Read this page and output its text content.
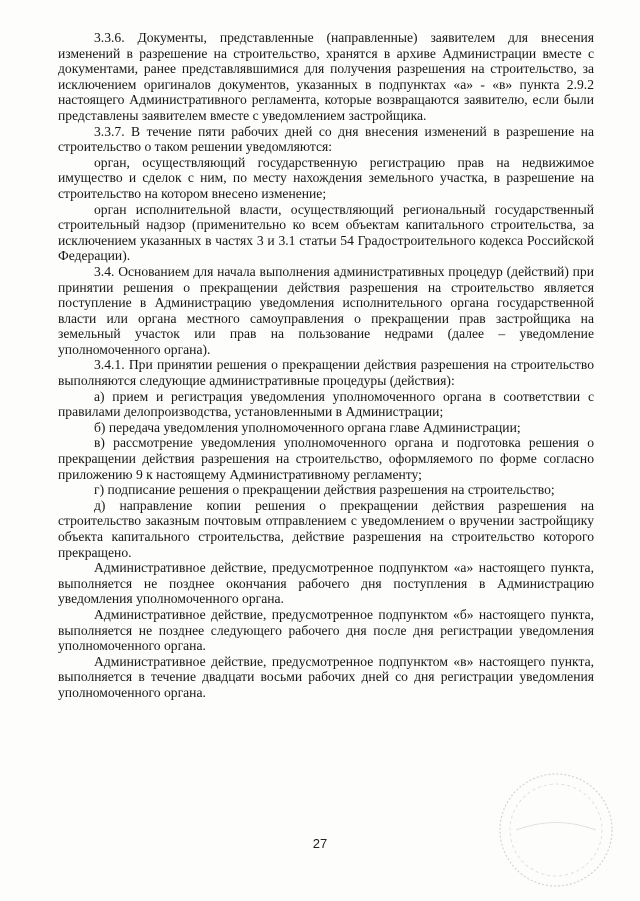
3.3.6. Документы, представленные (направленные) заявителем для внесения изменений в разрешение на строительство, хранятся в архиве Администрации вместе с документами, ранее представлявшимися для получения разрешения на строительство, за исключением оригиналов документов, указанных в подпунктах «а» - «в» пункта 2.9.2 настоящего Административного регламента, которые возвращаются заявителю, если были представлены заявителем вместе с уведомлением застройщика.

3.3.7. В течение пяти рабочих дней со дня внесения изменений в разрешение на строительство о таком решении уведомляются:

орган, осуществляющий государственную регистрацию прав на недвижимое имущество и сделок с ним, по месту нахождения земельного участка, в разрешение на строительство на котором внесено изменение;

орган исполнительной власти, осуществляющий региональный государственный строительный надзор (применительно ко всем объектам капитального строительства, за исключением указанных в частях 3 и 3.1 статьи 54 Градостроительного кодекса Российской Федерации).

3.4. Основанием для начала выполнения административных процедур (действий) при принятии решения о прекращении действия разрешения на строительство является поступление в Администрацию уведомления исполнительного органа государственной власти или органа местного самоуправления о прекращении прав застройщика на земельный участок или прав на пользование недрами (далее – уведомление уполномоченного органа).

3.4.1. При принятии решения о прекращении действия разрешения на строительство выполняются следующие административные процедуры (действия):

а) прием и регистрация уведомления уполномоченного органа в соответствии с правилами делопроизводства, установленными в Администрации;

б) передача уведомления уполномоченного органа главе Администрации;

в) рассмотрение уведомления уполномоченного органа и подготовка решения о прекращении действия разрешения на строительство, оформляемого по форме согласно приложению 9 к настоящему Административному регламенту;

г) подписание решения о прекращении действия разрешения на строительство;

д) направление копии решения о прекращении действия разрешения на строительство заказным почтовым отправлением с уведомлением о вручении застройщику объекта капитального строительства, действие разрешения на строительство которого прекращено.

Административное действие, предусмотренное подпунктом «а» настоящего пункта, выполняется не позднее окончания рабочего дня поступления в Администрацию уведомления уполномоченного органа.

Административное действие, предусмотренное подпунктом «б» настоящего пункта, выполняется не позднее следующего рабочего дня после дня регистрации уведомления уполномоченного органа.

Административное действие, предусмотренное подпунктом «в» настоящего пункта, выполняется в течение двадцати восьми рабочих дней со дня регистрации уведомления уполномоченного органа.

27
